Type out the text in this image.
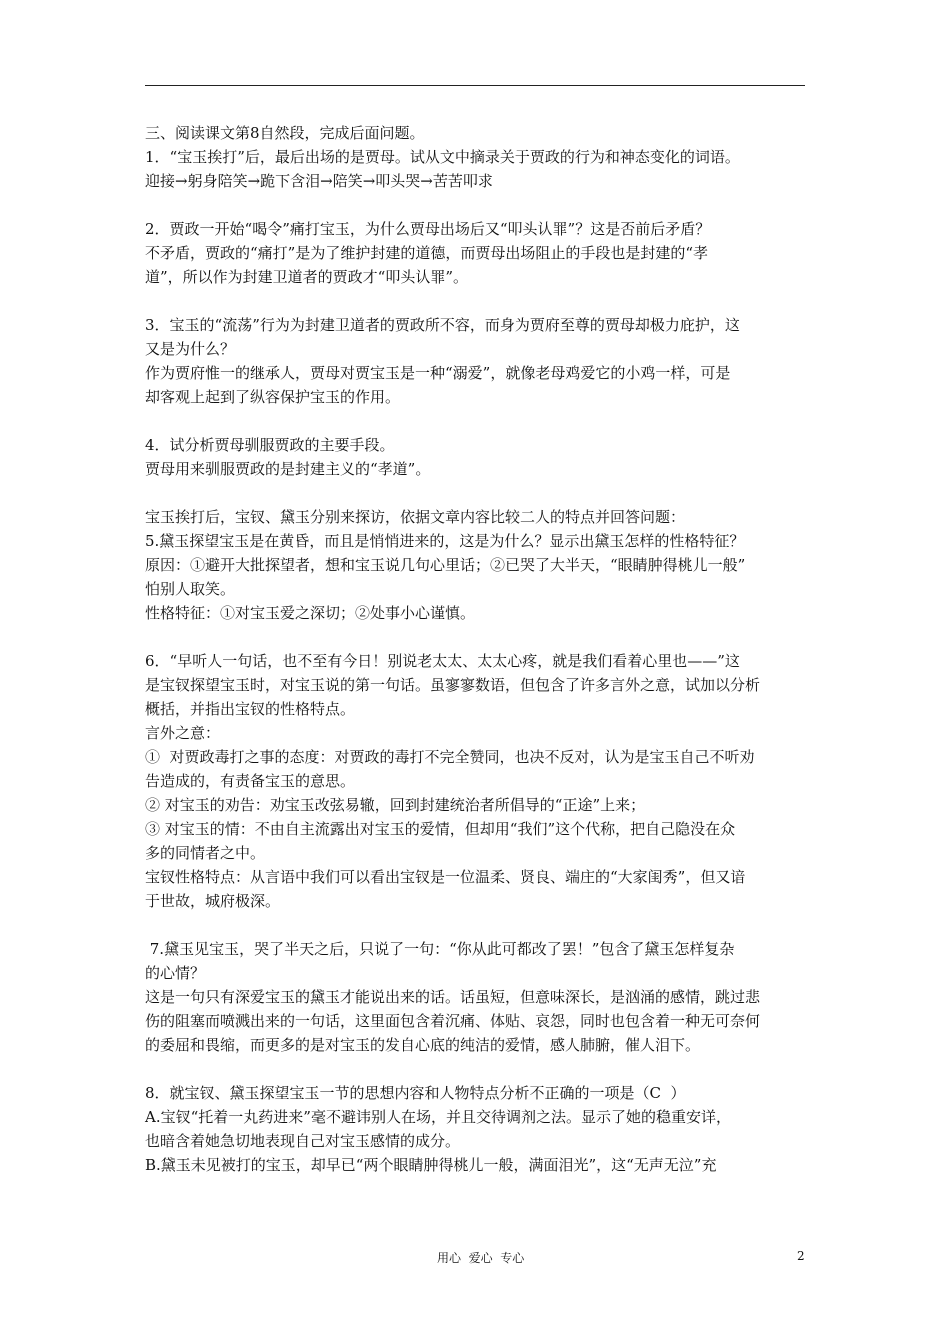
三、阅读课文第8自然段，完成后面问题。
1．“宝玉挨打”后，最后出场的是贾母。试从文中摘录关于贾政的行为和神态变化的词语。
迎接→躬身陪笑→跪下含泪→陪笑→叩头哭→苦苦叩求
2．贾政一开始“喝令”痛打宝玉，为什么贾母出场后又“叩头认罪”？这是否前后矛盾？
不矛盾，贾政的“痛打”是为了维护封建的道德，而贾母出场阻止的手段也是封建的“孝
道”，所以作为封建卫道者的贾政才“叩头认罪”。
3．宝玉的“流荡”行为为封建卫道者的贾政所不容，而身为贾府至尊的贾母却极力庇护，这
又是为什么？
作为贾府惟一的继承人，贾母对贾宝玉是一种“溺爱”，就像老母鸡爱它的小鸡一样，可是
却客观上起到了纵容保护宝玉的作用。
4．试分析贾母驯服贾政的主要手段。
贾母用来驯服贾政的是封建主义的“孝道”。
宝玉挨打后，宝钗、黛玉分别来探访，依据文章内容比较二人的特点并回答问题：
5.黛玉探望宝玉是在黄昏，而且是悄悄进来的，这是为什么？显示出黛玉怎样的性格特征？
原因：①避开大批探望者，想和宝玉说几句心里话；②已哭了大半天，“眼睛肿得桃儿一般”
怕别人取笑。
性格特征：①对宝玉爱之深切；②处事小心谨慎。
6．“早听人一句话，也不至有今日！别说老太太、太太心疼，就是我们看着心里也——”这
是宝钗探望宝玉时，对宝玉说的第一句话。虽寥寥数语，但包含了许多言外之意，试加以分析
概括，并指出宝钗的性格特点。
言外之意：
①  对贾政毒打之事的态度：对贾政的毒打不完全赞同，也决不反对，认为是宝玉自己不听劝
告造成的，有责备宝玉的意思。
② 对宝玉的劝告：劝宝玉改弦易辙，回到封建统治者所倡导的“正途”上来；
③ 对宝玉的情：不由自主流露出对宝玉的爱情，但却用“我们”这个代称，把自己隐没在众
多的同情者之中。
宝钗性格特点：从言语中我们可以看出宝钗是一位温柔、贤良、端庄的“大家闺秀”，但又谙
于世故，城府极深。
7.黛玉见宝玉，哭了半天之后，只说了一句：“你从此可都改了罢！”包含了黛玉怎样复杂
的心情？
这是一句只有深爱宝玉的黛玉才能说出来的话。话虽短，但意味深长，是汹涌的感情，跳过悲
伤的阻塞而喷溅出来的一句话，这里面包含着沉痛、体贴、哀怨，同时也包含着一种无可奈何
的委屈和畏缩，而更多的是对宝玉的发自心底的纯洁的爱情，感人肺腑，催人泪下。
8．就宝钗、黛玉探望宝玉一节的思想内容和人物特点分析不正确的一项是（C  ）
A.宝钗“托着一丸药进来”毫不避讳别人在场，并且交待调剂之法。显示了她的稳重安详，
也暗含着她急切地表现自己对宝玉感情的成分。
B.黛玉未见被打的宝玉，却早已“两个眼睛肿得桃儿一般，满面泪光”，这“无声无泣”充
用心  爱心  专心	2
